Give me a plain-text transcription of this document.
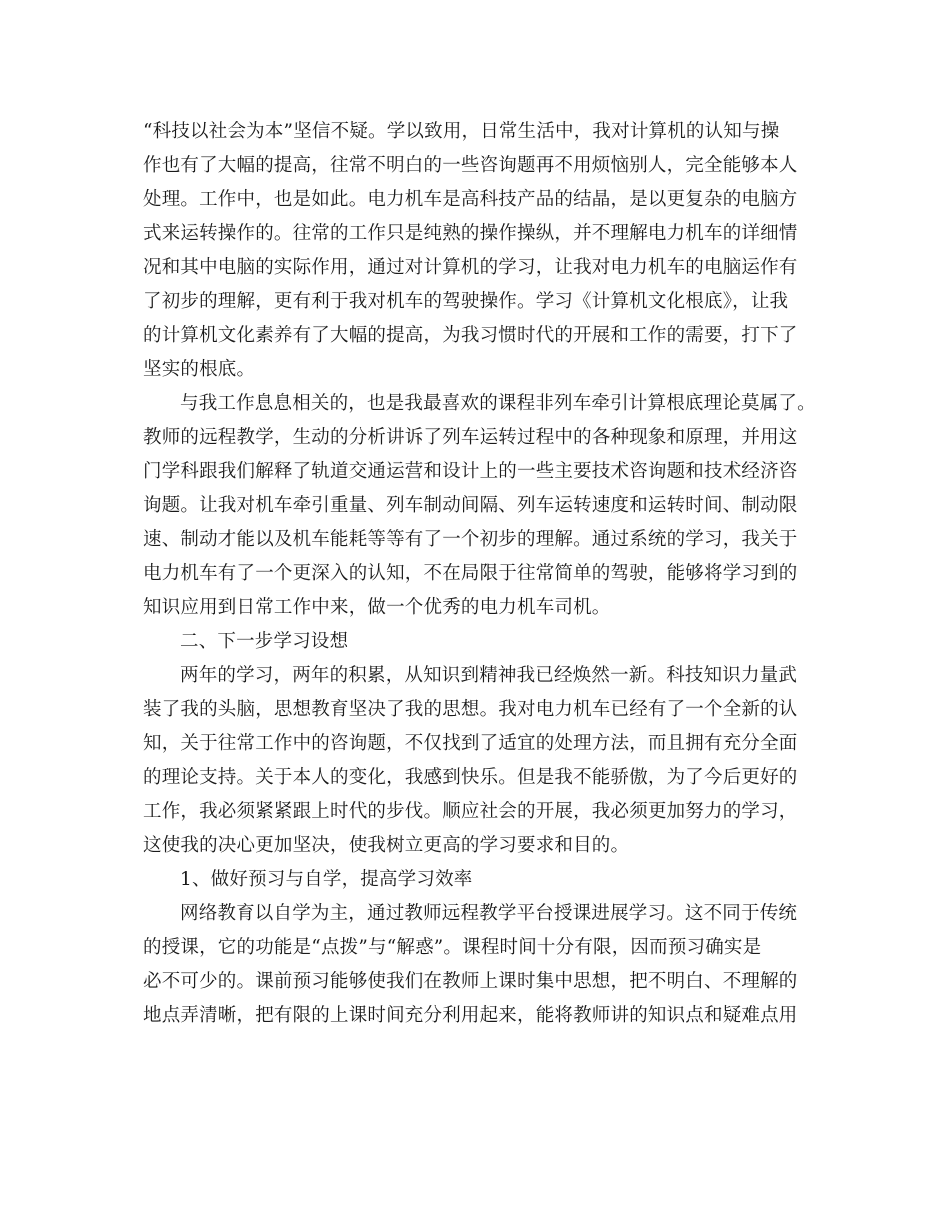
“科技以社会为本”坚信不疑。学以致用，日常生活中，我对计算机的认知与操

作也有了大幅的提高，往常不明白的一些咨询题再不用烦恼别人，完全能够本人

处理。工作中，也是如此。电力机车是高科技产品的结晶，是以更复杂的电脑方

式来运转操作的。往常的工作只是纯熟的操作操纵，并不理解电力机车的详细情

况和其中电脑的实际作用，通过对计算机的学习，让我对电力机车的电脑运作有

了初步的理解，更有利于我对机车的驾驶操作。学习《计算机文化根底》，让我

的计算机文化素养有了大幅的提高，为我习惯时代的开展和工作的需要，打下了

坚实的根底。

与我工作息息相关的，也是我最喜欢的课程非列车牵引计算根底理论莫属了。

教师的远程教学，生动的分析讲诉了列车运转过程中的各种现象和原理，并用这

门学科跟我们解释了轨道交通运营和设计上的一些主要技术咨询题和技术经济咨

询题。让我对机车牵引重量、列车制动间隔、列车运转速度和运转时间、制动限

速、制动才能以及机车能耗等等有了一个初步的理解。通过系统的学习，我关于

电力机车有了一个更深入的认知，不在局限于往常简单的驾驶，能够将学习到的

知识应用到日常工作中来，做一个优秀的电力机车司机。

二、下一步学习设想

两年的学习，两年的积累，从知识到精神我已经焕然一新。科技知识力量武

装了我的头脑，思想教育坚决了我的思想。我对电力机车已经有了一个全新的认

知，关于往常工作中的咨询题，不仅找到了适宜的处理方法，而且拥有充分全面

的理论支持。关于本人的变化，我感到快乐。但是我不能骄傲，为了今后更好的

工作，我必须紧紧跟上时代的步伐。顺应社会的开展，我必须更加努力的学习，

这使我的决心更加坚决，使我树立更高的学习要求和目的。

1、做好预习与自学，提高学习效率

网络教育以自学为主，通过教师远程教学平台授课进展学习。这不同于传统

的授课，它的功能是“点拨”与“解惑”。课程时间十分有限，因而预习确实是

必不可少的。课前预习能够使我们在教师上课时集中思想，把不明白、不理解的

地点弄清晰，把有限的上课时间充分利用起来，能将教师讲的知识点和疑难点用
